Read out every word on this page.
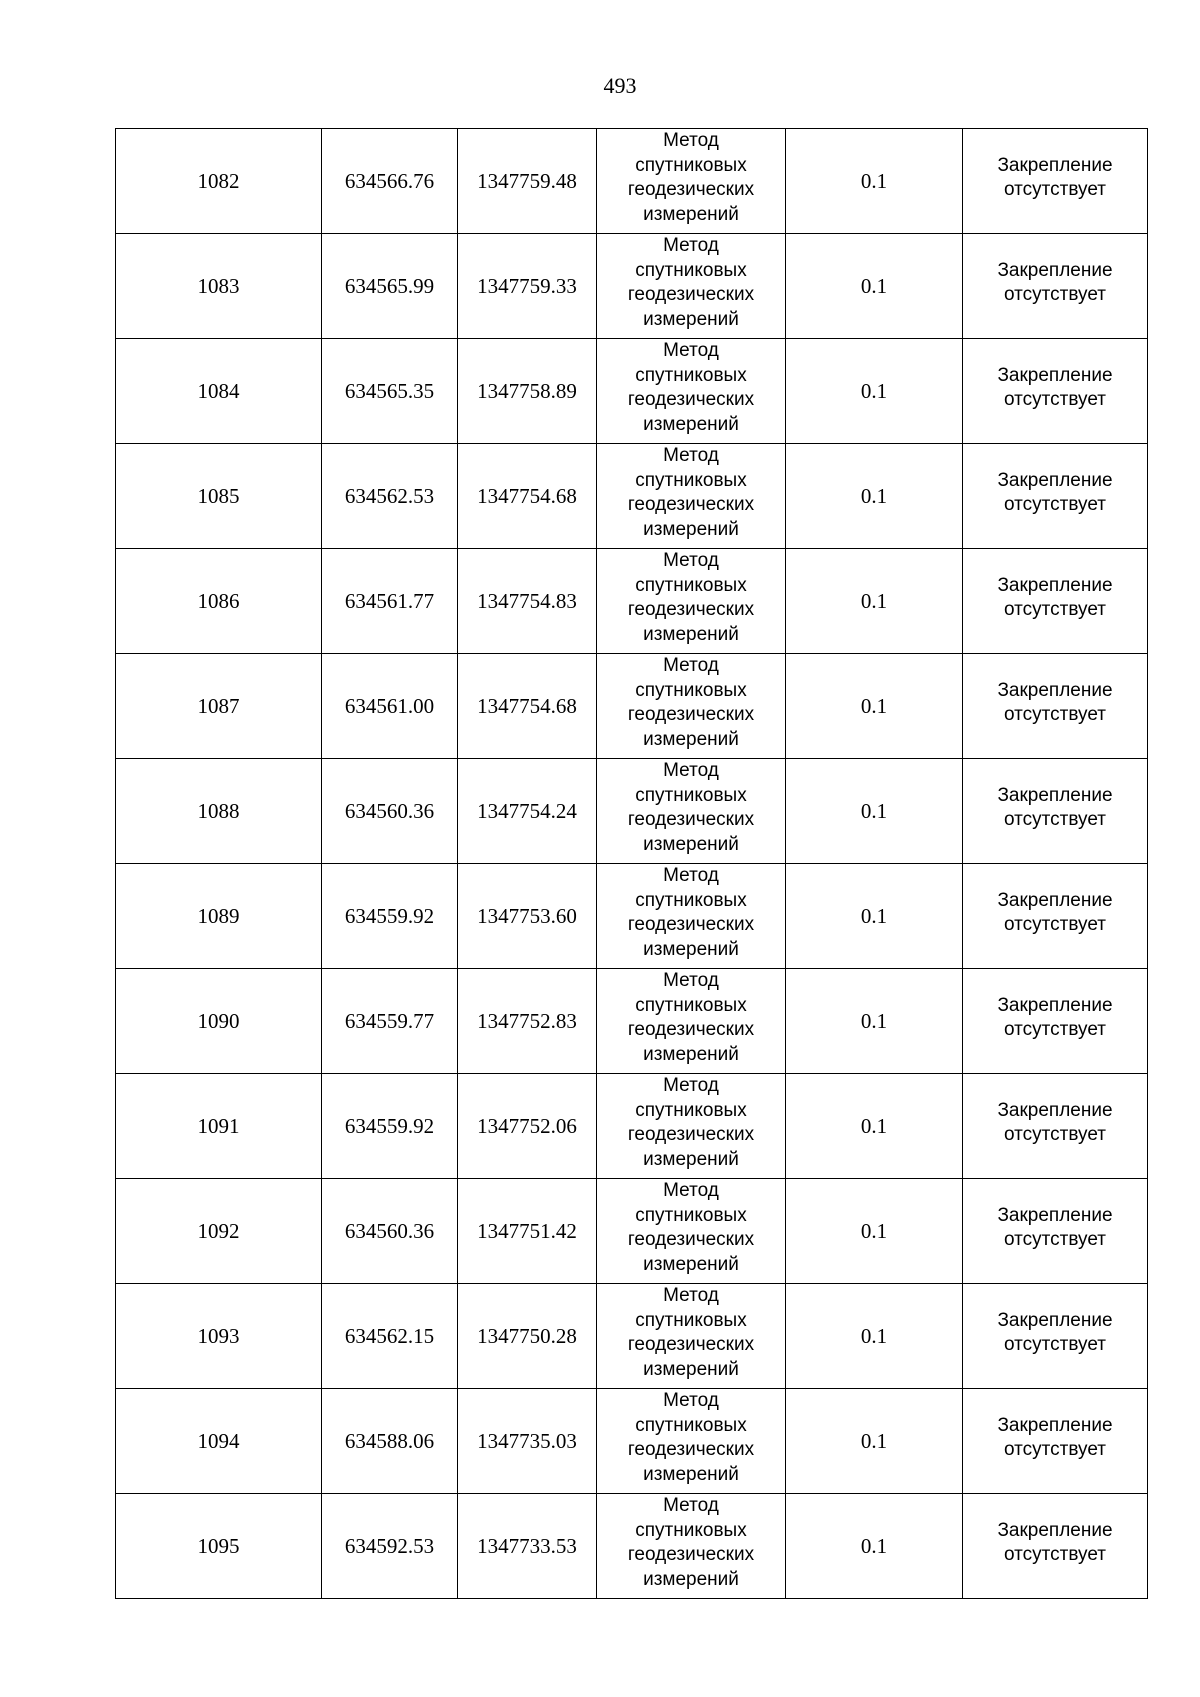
493
1082	634566.76	1347759.48	Метод
спутниковых
геодезических
измерений	0.1	Закрепление
отсутствует

1083	634565.99	1347759.33	Метод
спутниковых
геодезических
измерений	0.1	Закрепление
отсутствует

1084	634565.35	1347758.89	Метод
спутниковых
геодезических
измерений	0.1	Закрепление
отсутствует

1085	634562.53	1347754.68	Метод
спутниковых
геодезических
измерений	0.1	Закрепление
отсутствует

1086	634561.77	1347754.83	Метод
спутниковых
геодезических
измерений	0.1	Закрепление
отсутствует

1087	634561.00	1347754.68	Метод
спутниковых
геодезических
измерений	0.1	Закрепление
отсутствует

1088	634560.36	1347754.24	Метод
спутниковых
геодезических
измерений	0.1	Закрепление
отсутствует

1089	634559.92	1347753.60	Метод
спутниковых
геодезических
измерений	0.1	Закрепление
отсутствует

1090	634559.77	1347752.83	Метод
спутниковых
геодезических
измерений	0.1	Закрепление
отсутствует

1091	634559.92	1347752.06	Метод
спутниковых
геодезических
измерений	0.1	Закрепление
отсутствует

1092	634560.36	1347751.42	Метод
спутниковых
геодезических
измерений	0.1	Закрепление
отсутствует

1093	634562.15	1347750.28	Метод
спутниковых
геодезических
измерений	0.1	Закрепление
отсутствует

1094	634588.06	1347735.03	Метод
спутниковых
геодезических
измерений	0.1	Закрепление
отсутствует

1095	634592.53	1347733.53	Метод
спутниковых
геодезических
измерений	0.1	Закрепление
отсутствует
